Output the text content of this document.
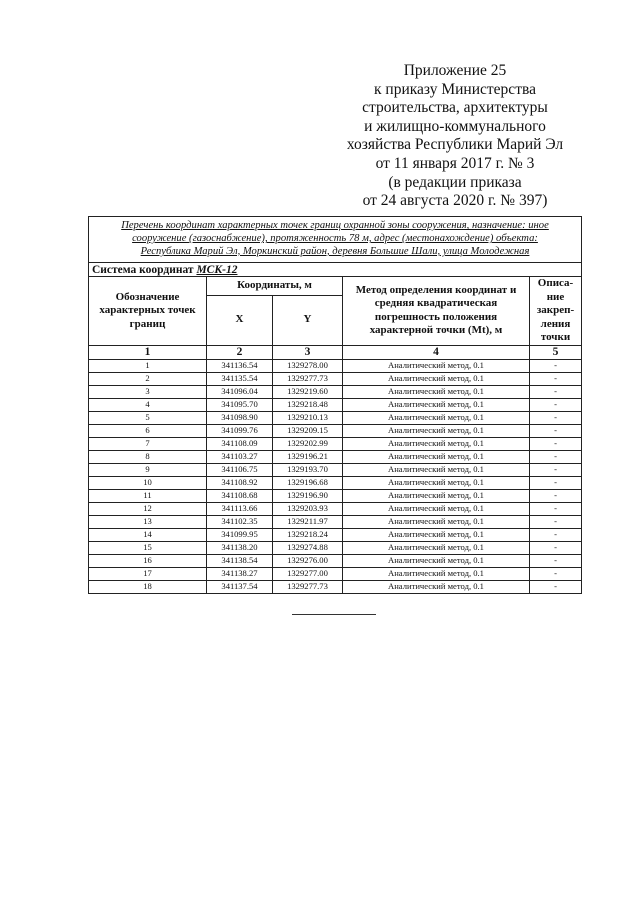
Приложение 25
к приказу Министерства
строительства, архитектуры
и жилищно-коммунального
хозяйства Республики Марий Эл
от 11 января 2017 г. № 3
(в редакции приказа
от 24 августа 2020 г. № 397)
Перечень координат характерных точек границ охранной зоны сооружения, назначение: иное
сооружение (газоснабжение), протяженность 78 м, адрес (местонахождение) объекта:
Республика Марий Эл, Моркинский район, деревня Большие Шали, улица Молодежная				

Система координат МСК-12				
Обозначение характерных точек границ	Координаты, м		Метод определения координат и средняя квадратическая погрешность положения характерной точки (Mt), м	Описа-ние закреп-ления точки
	X	Y		
1	2	3	4	5
1	341136.54	1329278.00	Аналитический метод, 0.1	-
2	341135.54	1329277.73	Аналитический метод, 0.1	-
3	341096.04	1329219.60	Аналитический метод, 0.1	-
4	341095.70	1329218.48	Аналитический метод, 0.1	-
5	341098.90	1329210.13	Аналитический метод, 0.1	-
6	341099.76	1329209.15	Аналитический метод, 0.1	-
7	341108.09	1329202.99	Аналитический метод, 0.1	-
8	341103.27	1329196.21	Аналитический метод, 0.1	-
9	341106.75	1329193.70	Аналитический метод, 0.1	-
10	341108.92	1329196.68	Аналитический метод, 0.1	-
11	341108.68	1329196.90	Аналитический метод, 0.1	-
12	341113.66	1329203.93	Аналитический метод, 0.1	-
13	341102.35	1329211.97	Аналитический метод, 0.1	-
14	341099.95	1329218.24	Аналитический метод, 0.1	-
15	341138.20	1329274.88	Аналитический метод, 0.1	-
16	341138.54	1329276.00	Аналитический метод, 0.1	-
17	341138.27	1329277.00	Аналитический метод, 0.1	-
18	341137.54	1329277.73	Аналитический метод, 0.1	-
